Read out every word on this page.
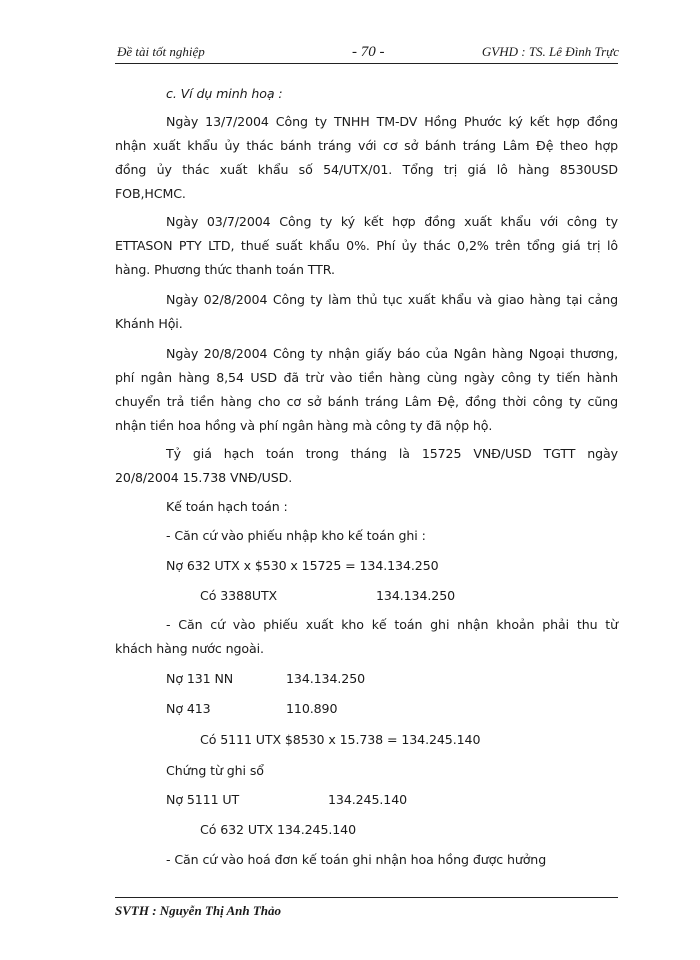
Đề tài tốt nghiệp	- 70 -	GVHD : TS. Lê Đình Trực
c. Ví dụ minh hoạ :
Ngày 13/7/2004 Công ty TNHH TM-DV Hồng Phước ký kết hợp đồng
nhận xuất khẩu ủy thác bánh tráng với cơ sở bánh tráng Lâm Đệ theo hợp
đồng ủy thác xuất khẩu số 54/UTX/01. Tổng trị giá lô hàng 8530USD
FOB,HCMC.
Ngày 03/7/2004 Công ty ký kết hợp đồng xuất khẩu với công ty
ETTASON PTY LTD, thuế suất khẩu 0%. Phí ủy thác 0,2% trên tổng giá trị lô
hàng. Phương thức thanh toán TTR.
Ngày 02/8/2004 Công ty làm thủ tục xuất khẩu và giao hàng tại cảng
Khánh Hội.
Ngày 20/8/2004 Công ty nhận giấy báo của Ngân hàng Ngoại thương,
phí ngân hàng 8,54 USD đã trừ vào tiền hàng cùng ngày công ty tiến hành
chuyển trả tiền hàng cho cơ sở bánh tráng Lâm Đệ, đồng thời công ty cũng
nhận tiền hoa hồng và phí ngân hàng mà công ty đã nộp hộ.
Tỷ giá hạch toán trong tháng là 15725 VNĐ/USD TGTT ngày
20/8/2004 15.738 VNĐ/USD.
Kế toán hạch toán :
- Căn cứ vào phiếu nhập kho kế toán ghi :
Nợ 632 UTX x $530 x 15725 = 134.134.250
Có 3388UTX	134.134.250
- Căn cứ vào phiếu xuất kho kế toán ghi nhận khoản phải thu từ
khách hàng nước ngoài.
Nợ 131 NN	134.134.250
Nợ 413	110.890
Có 5111 UTX $8530 x 15.738 = 134.245.140
Chứng từ ghi sổ
Nợ 5111 UT	134.245.140
Có 632 UTX 134.245.140
- Căn cứ vào hoá đơn kế toán ghi nhận hoa hồng được hưởng
SVTH : Nguyễn Thị Anh Thảo
